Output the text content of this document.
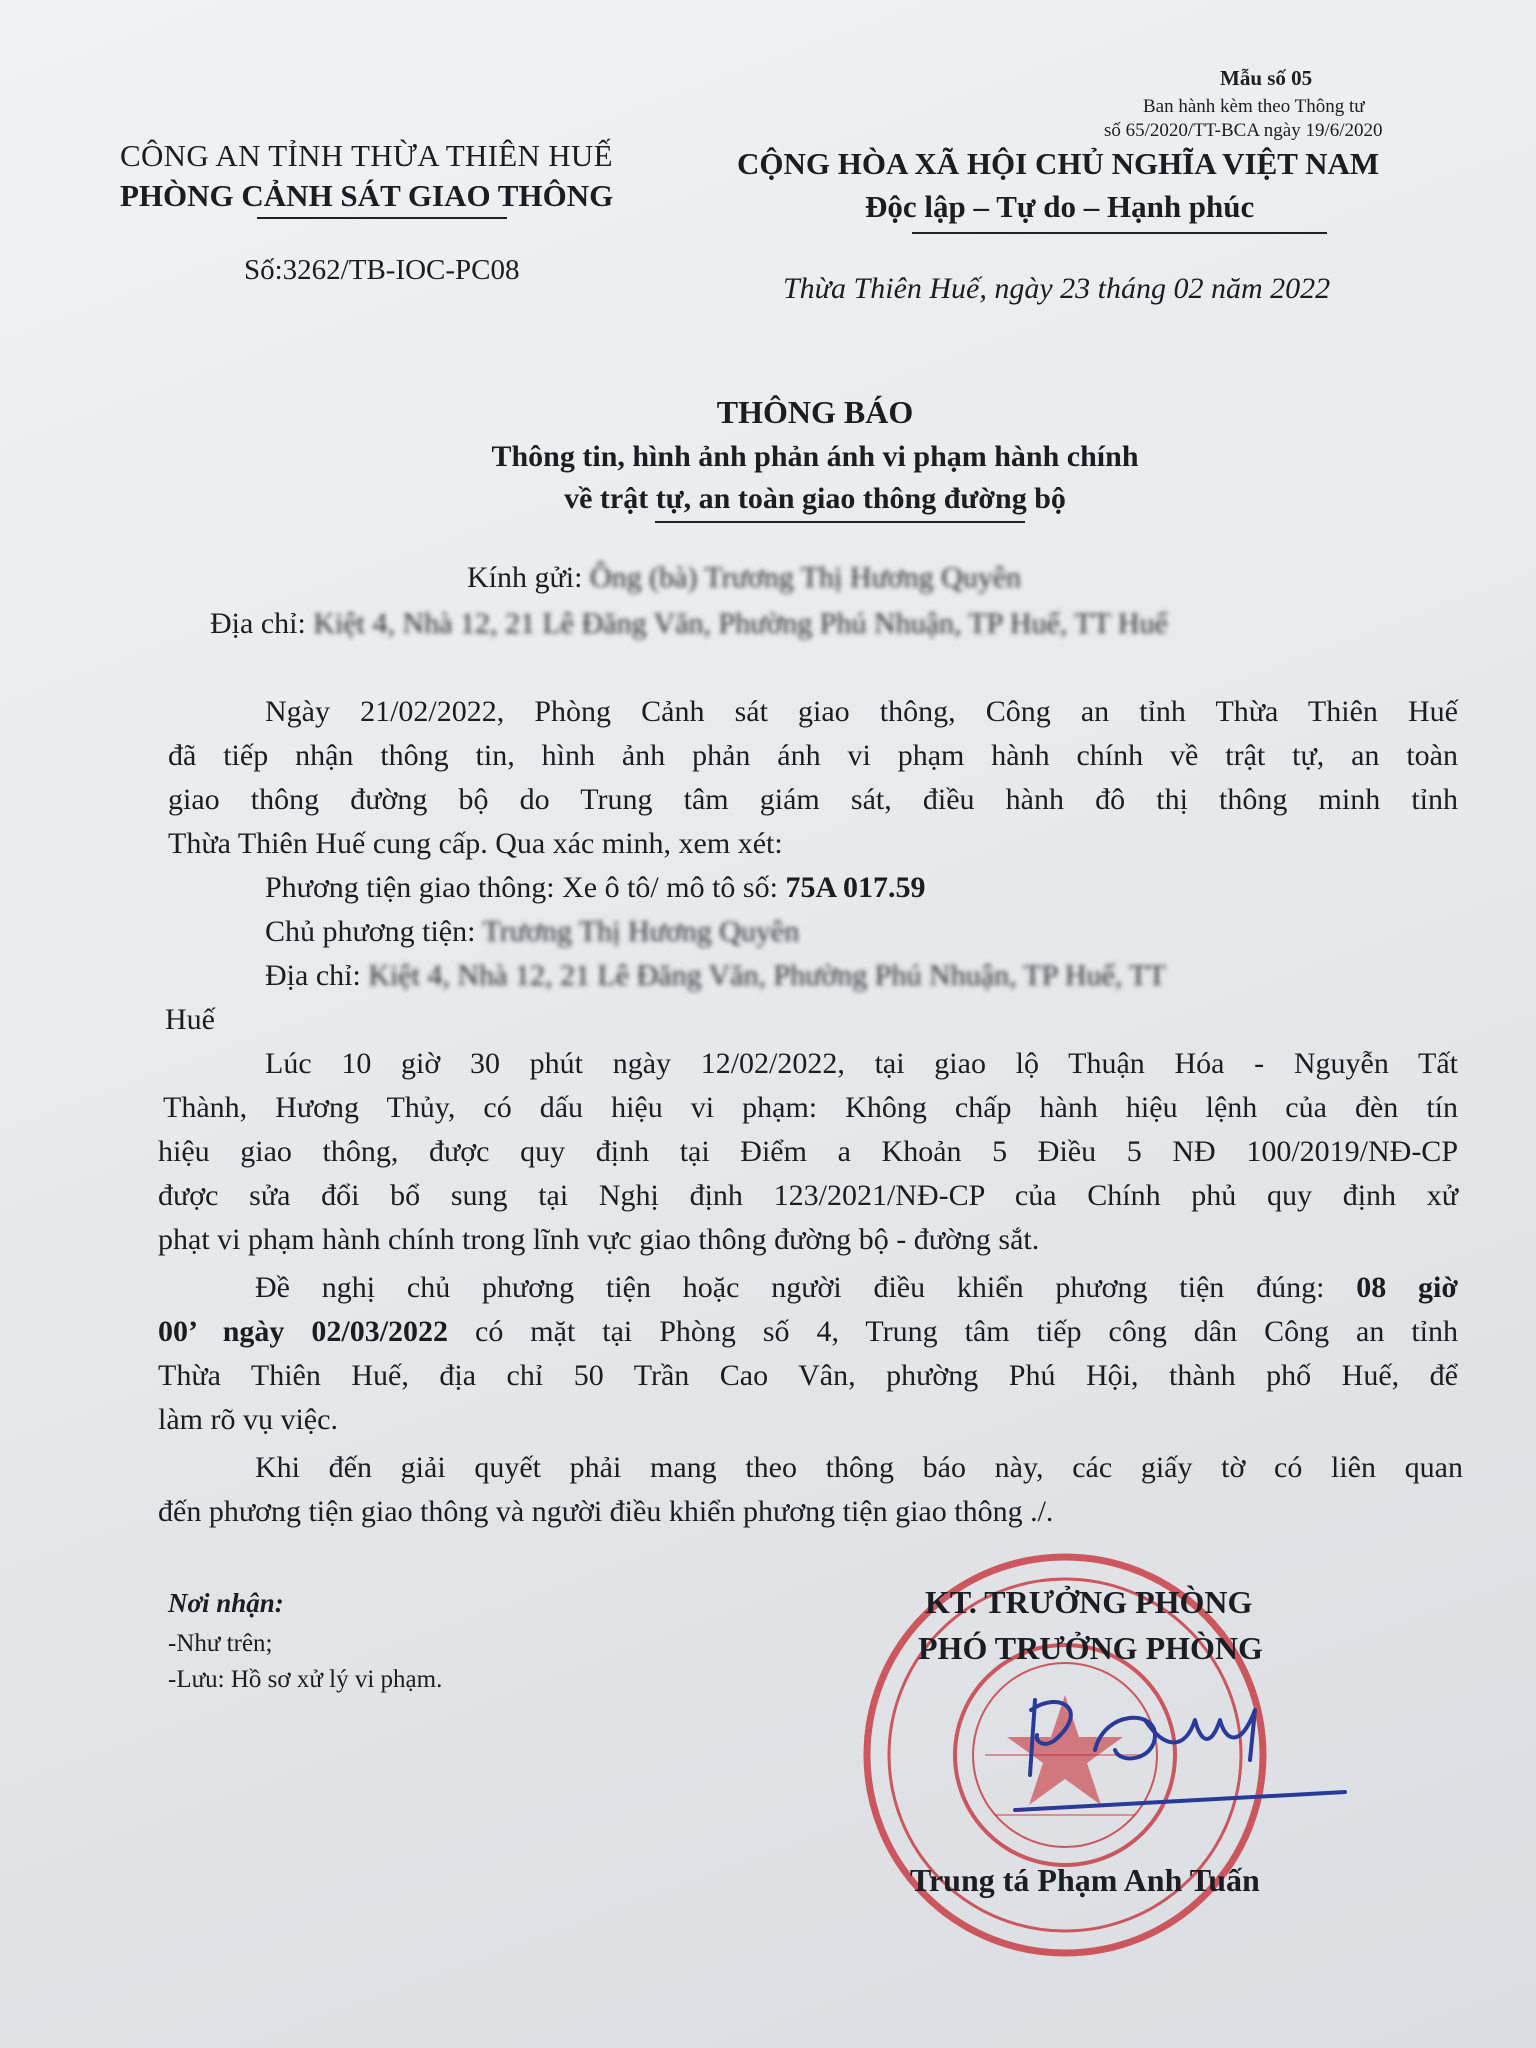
Mẫu số 05
Ban hành kèm theo Thông tư
số 65/2020/TT-BCA ngày 19/6/2020
CÔNG AN TỈNH THỪA THIÊN HUẾ
PHÒNG CẢNH SÁT GIAO THÔNG
Số:3262/TB-IOC-PC08
CỘNG HÒA XÃ HỘI CHỦ NGHĨA VIỆT NAM
Độc lập – Tự do – Hạnh phúc
Thừa Thiên Huế, ngày 23 tháng 02 năm 2022
THÔNG BÁO
Thông tin, hình ảnh phản ánh vi phạm hành chính
về trật tự, an toàn giao thông đường bộ
Kính gửi: Ông (bà) Trương Thị Hương Quyên
Địa chỉ: Kiệt 4, Nhà 12, 21 Lê Đăng Văn, Phường Phú Nhuận, TP Huế, TT Huế
Ngày 21/02/2022, Phòng Cảnh sát giao thông, Công an tỉnh Thừa Thiên Huế
đã tiếp nhận thông tin, hình ảnh phản ánh vi phạm hành chính về trật tự, an toàn
giao thông đường bộ do Trung tâm giám sát, điều hành đô thị thông minh tỉnh
Thừa Thiên Huế cung cấp. Qua xác minh, xem xét:
Phương tiện giao thông: Xe ô tô/ mô tô số: 75A 017.59
Chủ phương tiện: Trương Thị Hương Quyên
Địa chỉ: Kiệt 4, Nhà 12, 21 Lê Đăng Văn, Phường Phú Nhuận, TP Huế, TT
Huế
Lúc 10 giờ 30 phút ngày 12/02/2022, tại giao lộ Thuận Hóa - Nguyễn Tất
Thành, Hương Thủy, có dấu hiệu vi phạm: Không chấp hành hiệu lệnh của đèn tín
hiệu giao thông, được quy định tại Điểm a Khoản 5 Điều 5 NĐ 100/2019/NĐ-CP
được sửa đổi bổ sung tại Nghị định 123/2021/NĐ-CP của Chính phủ quy định xử
phạt vi phạm hành chính trong lĩnh vực giao thông đường bộ - đường sắt.
Đề nghị chủ phương tiện hoặc người điều khiển phương tiện đúng: 08 giờ
00’ ngày 02/03/2022 có mặt tại Phòng số 4, Trung tâm tiếp công dân Công an tỉnh
Thừa Thiên Huế, địa chỉ 50 Trần Cao Vân, phường Phú Hội, thành phố Huế, để
làm rõ vụ việc.
Khi đến giải quyết phải mang theo thông báo này, các giấy tờ có liên quan
đến phương tiện giao thông và người điều khiển phương tiện giao thông ./.
Nơi nhận:
-Như trên;
-Lưu: Hồ sơ xử lý vi phạm.
KT. TRƯỞNG PHÒNG
PHÓ TRƯỞNG PHÒNG
Trung tá Phạm Anh Tuấn
